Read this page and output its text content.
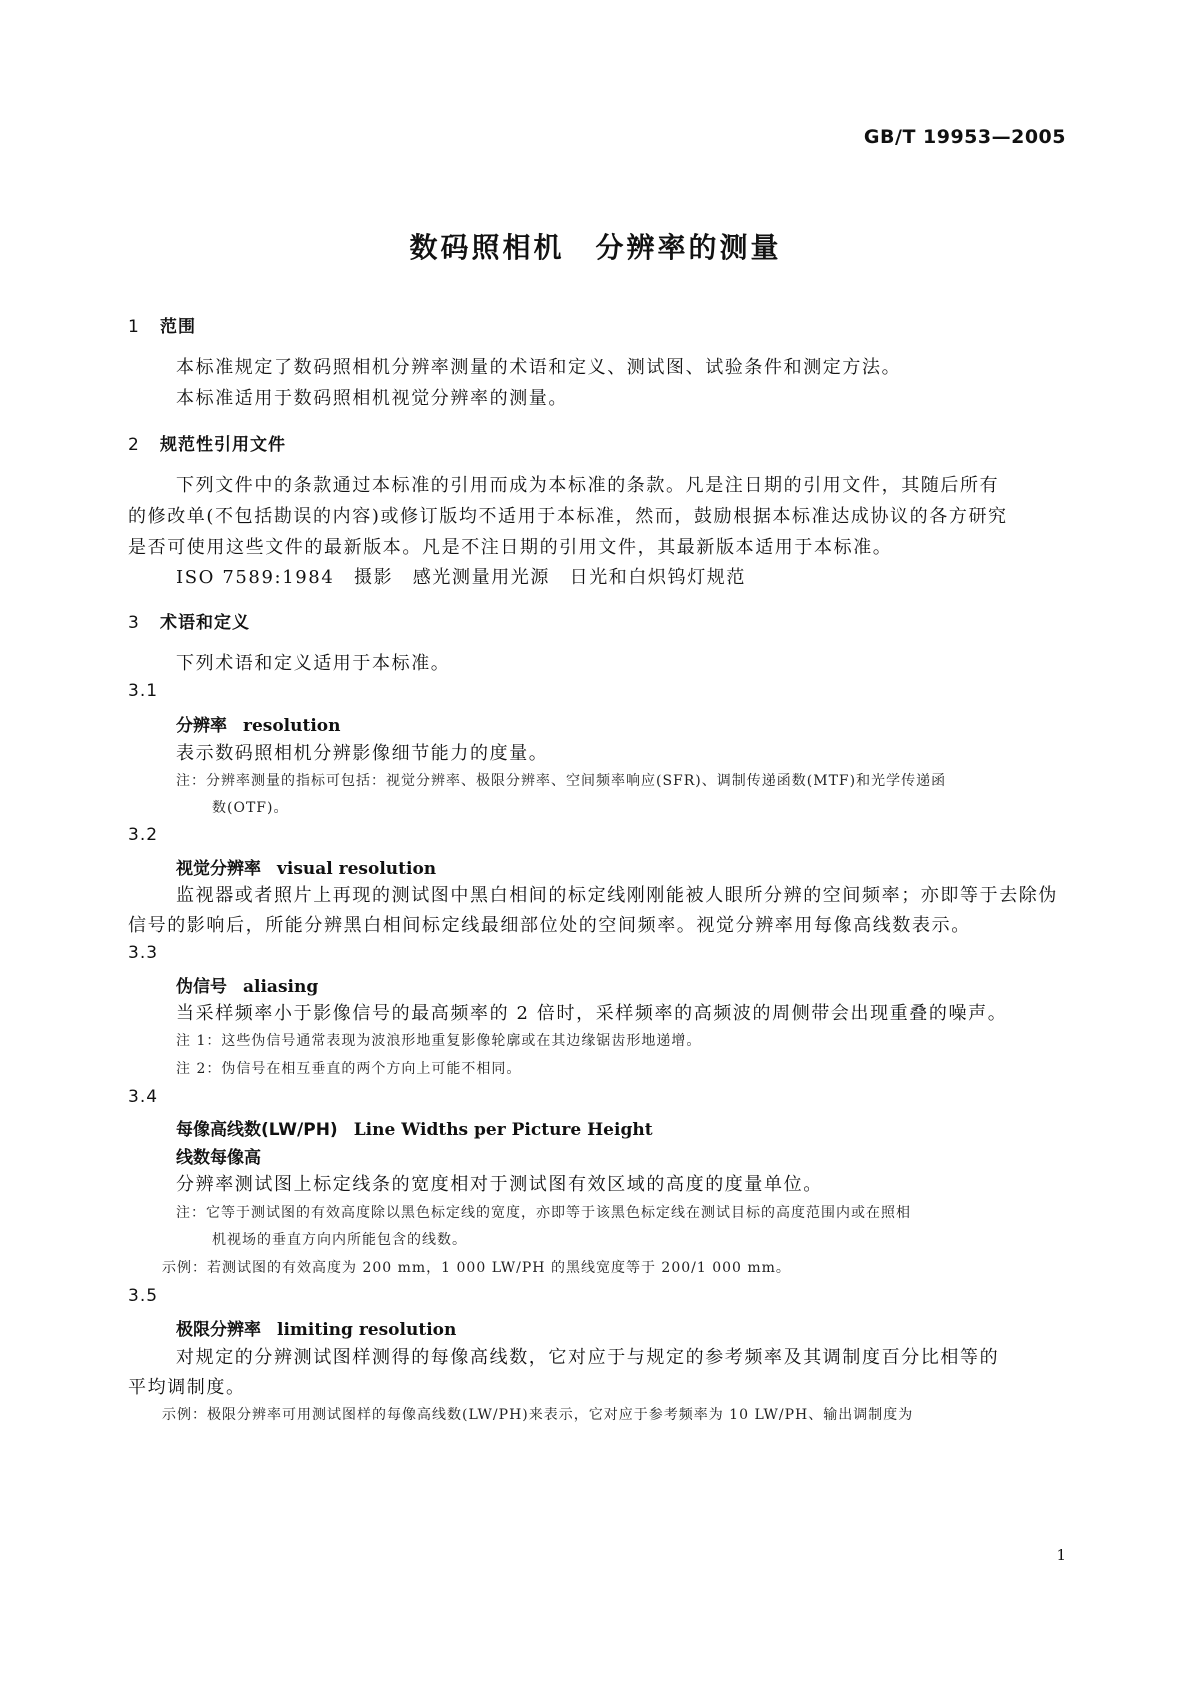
GB/T 19953—2005
数码照相机　分辨率的测量
1 范围
本标准规定了数码照相机分辨率测量的术语和定义、测试图、试验条件和测定方法。
本标准适用于数码照相机视觉分辨率的测量。
2 规范性引用文件
下列文件中的条款通过本标准的引用而成为本标准的条款。凡是注日期的引用文件，其随后所有
的修改单(不包括勘误的内容)或修订版均不适用于本标准，然而，鼓励根据本标准达成协议的各方研究
是否可使用这些文件的最新版本。凡是不注日期的引用文件，其最新版本适用于本标准。
ISO 7589:1984　摄影　感光测量用光源　日光和白炽钨灯规范
3 术语和定义
下列术语和定义适用于本标准。
3.1
分辨率 resolution
表示数码照相机分辨影像细节能力的度量。
注：分辨率测量的指标可包括：视觉分辨率、极限分辨率、空间频率响应(SFR)、调制传递函数(MTF)和光学传递函
数(OTF)。
3.2
视觉分辨率 visual resolution
监视器或者照片上再现的测试图中黑白相间的标定线刚刚能被人眼所分辨的空间频率；亦即等于去除伪
信号的影响后，所能分辨黑白相间标定线最细部位处的空间频率。视觉分辨率用每像高线数表示。
3.3
伪信号 aliasing
当采样频率小于影像信号的最高频率的 2 倍时，采样频率的高频波的周侧带会出现重叠的噪声。
注 1：这些伪信号通常表现为波浪形地重复影像轮廓或在其边缘锯齿形地递增。
注 2：伪信号在相互垂直的两个方向上可能不相同。
3.4
每像高线数(LW/PH) Line Widths per Picture Height
线数每像高
分辨率测试图上标定线条的宽度相对于测试图有效区域的高度的度量单位。
注：它等于测试图的有效高度除以黑色标定线的宽度，亦即等于该黑色标定线在测试目标的高度范围内或在照相
机视场的垂直方向内所能包含的线数。
示例：若测试图的有效高度为 200 mm，1 000 LW/PH 的黑线宽度等于 200/1 000 mm。
3.5
极限分辨率 limiting resolution
对规定的分辨测试图样测得的每像高线数，它对应于与规定的参考频率及其调制度百分比相等的
平均调制度。
示例：极限分辨率可用测试图样的每像高线数(LW/PH)来表示，它对应于参考频率为 10 LW/PH、输出调制度为
1
